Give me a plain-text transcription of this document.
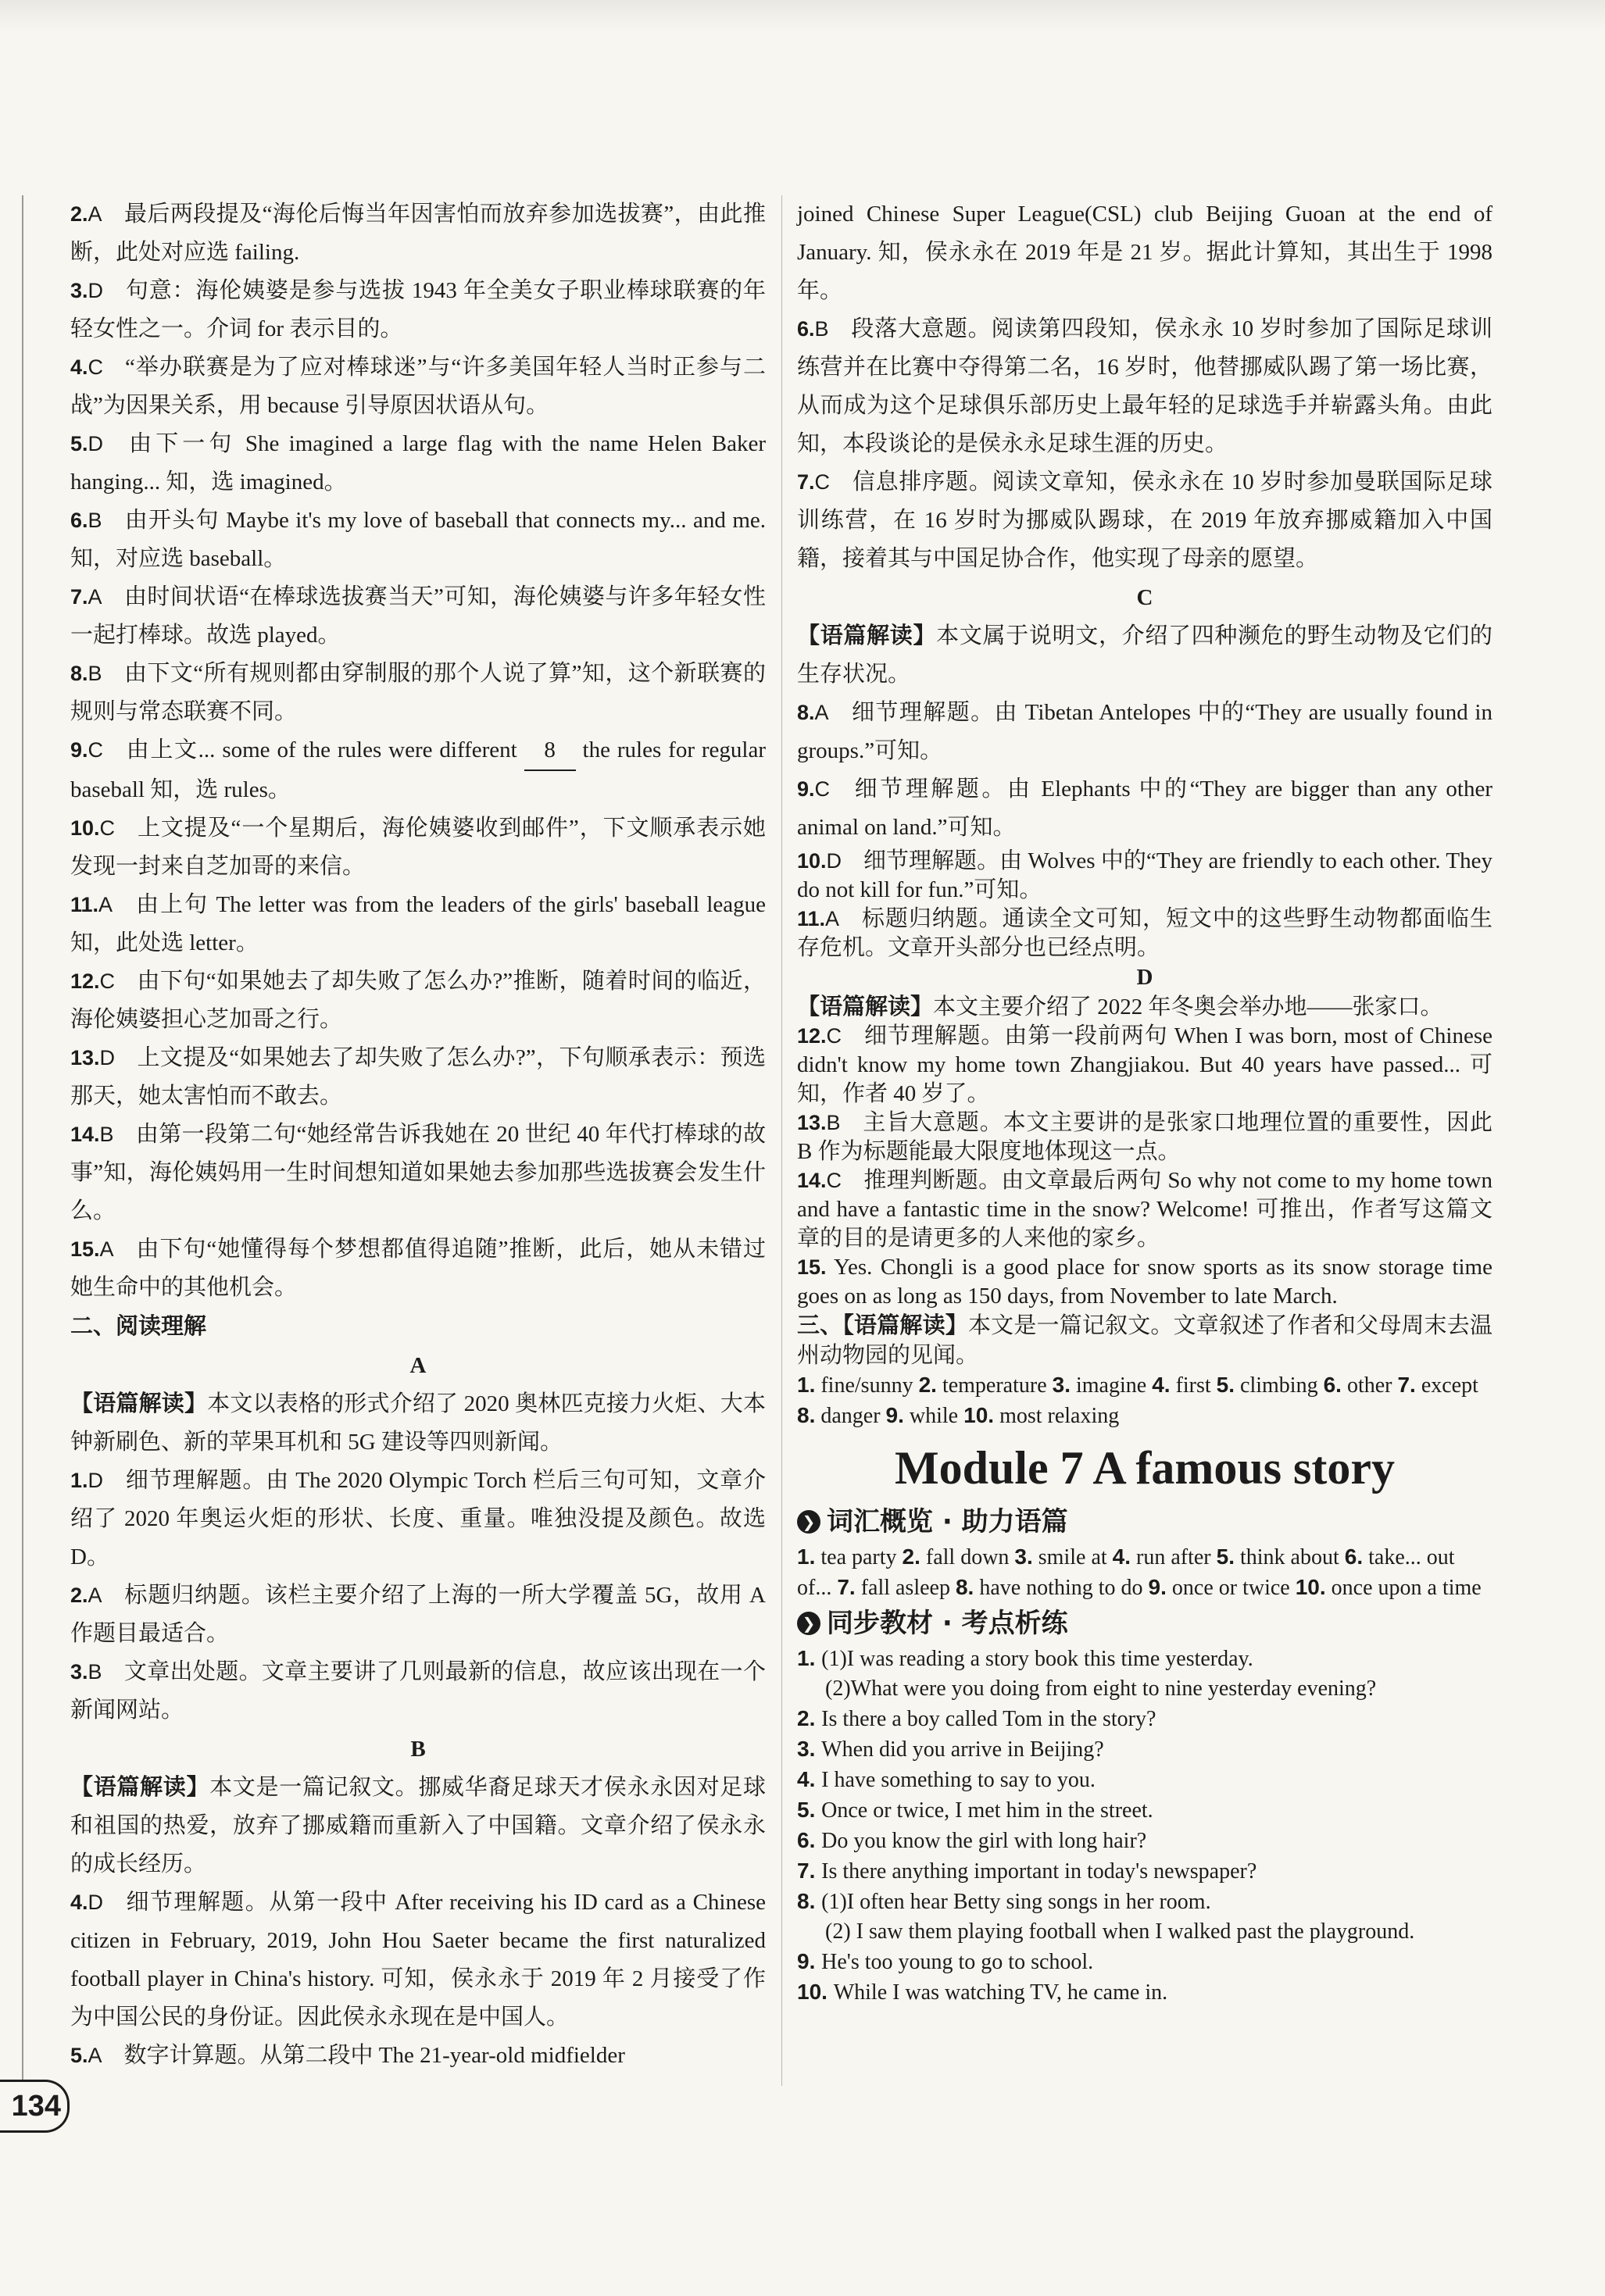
2.A 最后两段提及“海伦后悔当年因害怕而放弃参加选拔赛”，由此推断，此处对应选 failing.

3.D 句意：海伦姨婆是参与选拔 1943 年全美女子职业棒球联赛的年轻女性之一。介词 for 表示目的。

4.C “举办联赛是为了应对棒球迷”与“许多美国年轻人当时正参与二战”为因果关系，用 because 引导原因状语从句。

5.D 由下一句 She imagined a large flag with the name Helen Baker hanging... 知，选 imagined。

6.B 由开头句 Maybe it's my love of baseball that connects my... and me. 知，对应选 baseball。

7.A 由时间状语“在棒球选拔赛当天”可知，海伦姨婆与许多年轻女性一起打棒球。故选 played。

8.B 由下文“所有规则都由穿制服的那个人说了算”知，这个新联赛的规则与常态联赛不同。

9.C 由上文... some of the rules were different 8 the rules for regular baseball 知，选 rules。

10.C 上文提及“一个星期后，海伦姨婆收到邮件”，下文顺承表示她发现一封来自芝加哥的来信。

11.A 由上句 The letter was from the leaders of the girls' baseball league 知，此处选 letter。

12.C 由下句“如果她去了却失败了怎么办?”推断，随着时间的临近，海伦姨婆担心芝加哥之行。

13.D 上文提及“如果她去了却失败了怎么办?”，下句顺承表示：预选那天，她太害怕而不敢去。

14.B 由第一段第二句“她经常告诉我她在 20 世纪 40 年代打棒球的故事”知，海伦姨妈用一生时间想知道如果她去参加那些选拔赛会发生什么。

15.A 由下句“她懂得每个梦想都值得追随”推断，此后，她从未错过她生命中的其他机会。

二、阅读理解

A

【语篇解读】本文以表格的形式介绍了 2020 奥林匹克接力火炬、大本钟新刷色、新的苹果耳机和 5G 建设等四则新闻。

1.D 细节理解题。由 The 2020 Olympic Torch 栏后三句可知，文章介绍了 2020 年奥运火炬的形状、长度、重量。唯独没提及颜色。故选 D。

2.A 标题归纳题。该栏主要介绍了上海的一所大学覆盖 5G，故用 A 作题目最适合。

3.B 文章出处题。文章主要讲了几则最新的信息，故应该出现在一个新闻网站。

B

【语篇解读】本文是一篇记叙文。挪威华裔足球天才侯永永因对足球和祖国的热爱，放弃了挪威籍而重新入了中国籍。文章介绍了侯永永的成长经历。

4.D 细节理解题。从第一段中 After receiving his ID card as a Chinese citizen in February, 2019, John Hou Saeter became the first naturalized football player in China's history. 可知，侯永永于 2019 年 2 月接受了作为中国公民的身份证。因此侯永永现在是中国人。

5.A 数字计算题。从第二段中 The 21-year-old midfielder

joined Chinese Super League(CSL) club Beijing Guoan at the end of January. 知，侯永永在 2019 年是 21 岁。据此计算知，其出生于 1998 年。

6.B 段落大意题。阅读第四段知，侯永永 10 岁时参加了国际足球训练营并在比赛中夺得第二名，16 岁时，他替挪威队踢了第一场比赛，从而成为这个足球俱乐部历史上最年轻的足球选手并崭露头角。由此知，本段谈论的是侯永永足球生涯的历史。

7.C 信息排序题。阅读文章知，侯永永在 10 岁时参加曼联国际足球训练营，在 16 岁时为挪威队踢球，在 2019 年放弃挪威籍加入中国籍，接着其与中国足协合作，他实现了母亲的愿望。

C

【语篇解读】本文属于说明文，介绍了四种濒危的野生动物及它们的生存状况。

8.A 细节理解题。由 Tibetan Antelopes 中的“They are usually found in groups.”可知。

9.C 细节理解题。由 Elephants 中的“They are bigger than any other animal on land.”可知。

10.D 细节理解题。由 Wolves 中的“They are friendly to each other. They do not kill for fun.”可知。

11.A 标题归纳题。通读全文可知，短文中的这些野生动物都面临生存危机。文章开头部分也已经点明。

D

【语篇解读】本文主要介绍了 2022 年冬奥会举办地——张家口。

12.C 细节理解题。由第一段前两句 When I was born, most of Chinese didn't know my home town Zhangjiakou. But 40 years have passed... 可知，作者 40 岁了。

13.B 主旨大意题。本文主要讲的是张家口地理位置的重要性，因此 B 作为标题能最大限度地体现这一点。

14.C 推理判断题。由文章最后两句 So why not come to my home town and have a fantastic time in the snow? Welcome! 可推出，作者写这篇文章的目的是请更多的人来他的家乡。

15. Yes. Chongli is a good place for snow sports as its snow storage time goes on as long as 150 days, from November to late March.

三、【语篇解读】本文是一篇记叙文。文章叙述了作者和父母周末去温州动物园的见闻。

1. fine/sunny 2. temperature 3. imagine 4. first 5. climbing 6. other 7. except 8. danger 9. while 10. most relaxing

Module 7 A famous story
❯ 词汇概览 · 助力语篇

1. tea party 2. fall down 3. smile at 4. run after 5. think about 6. take... out of... 7. fall asleep 8. have nothing to do 9. once or twice 10. once upon a time

❯ 同步教材 · 考点析练

1. (1)I was reading a story book this time yesterday.

(2)What were you doing from eight to nine yesterday evening?

2. Is there a boy called Tom in the story?

3. When did you arrive in Beijing?

4. I have something to say to you.

5. Once or twice, I met him in the street.

6. Do you know the girl with long hair?

7. Is there anything important in today's newspaper?

8. (1)I often hear Betty sing songs in her room.

(2) I saw them playing football when I walked past the playground.

9. He's too young to go to school.

10. While I was watching TV, he came in.

134
